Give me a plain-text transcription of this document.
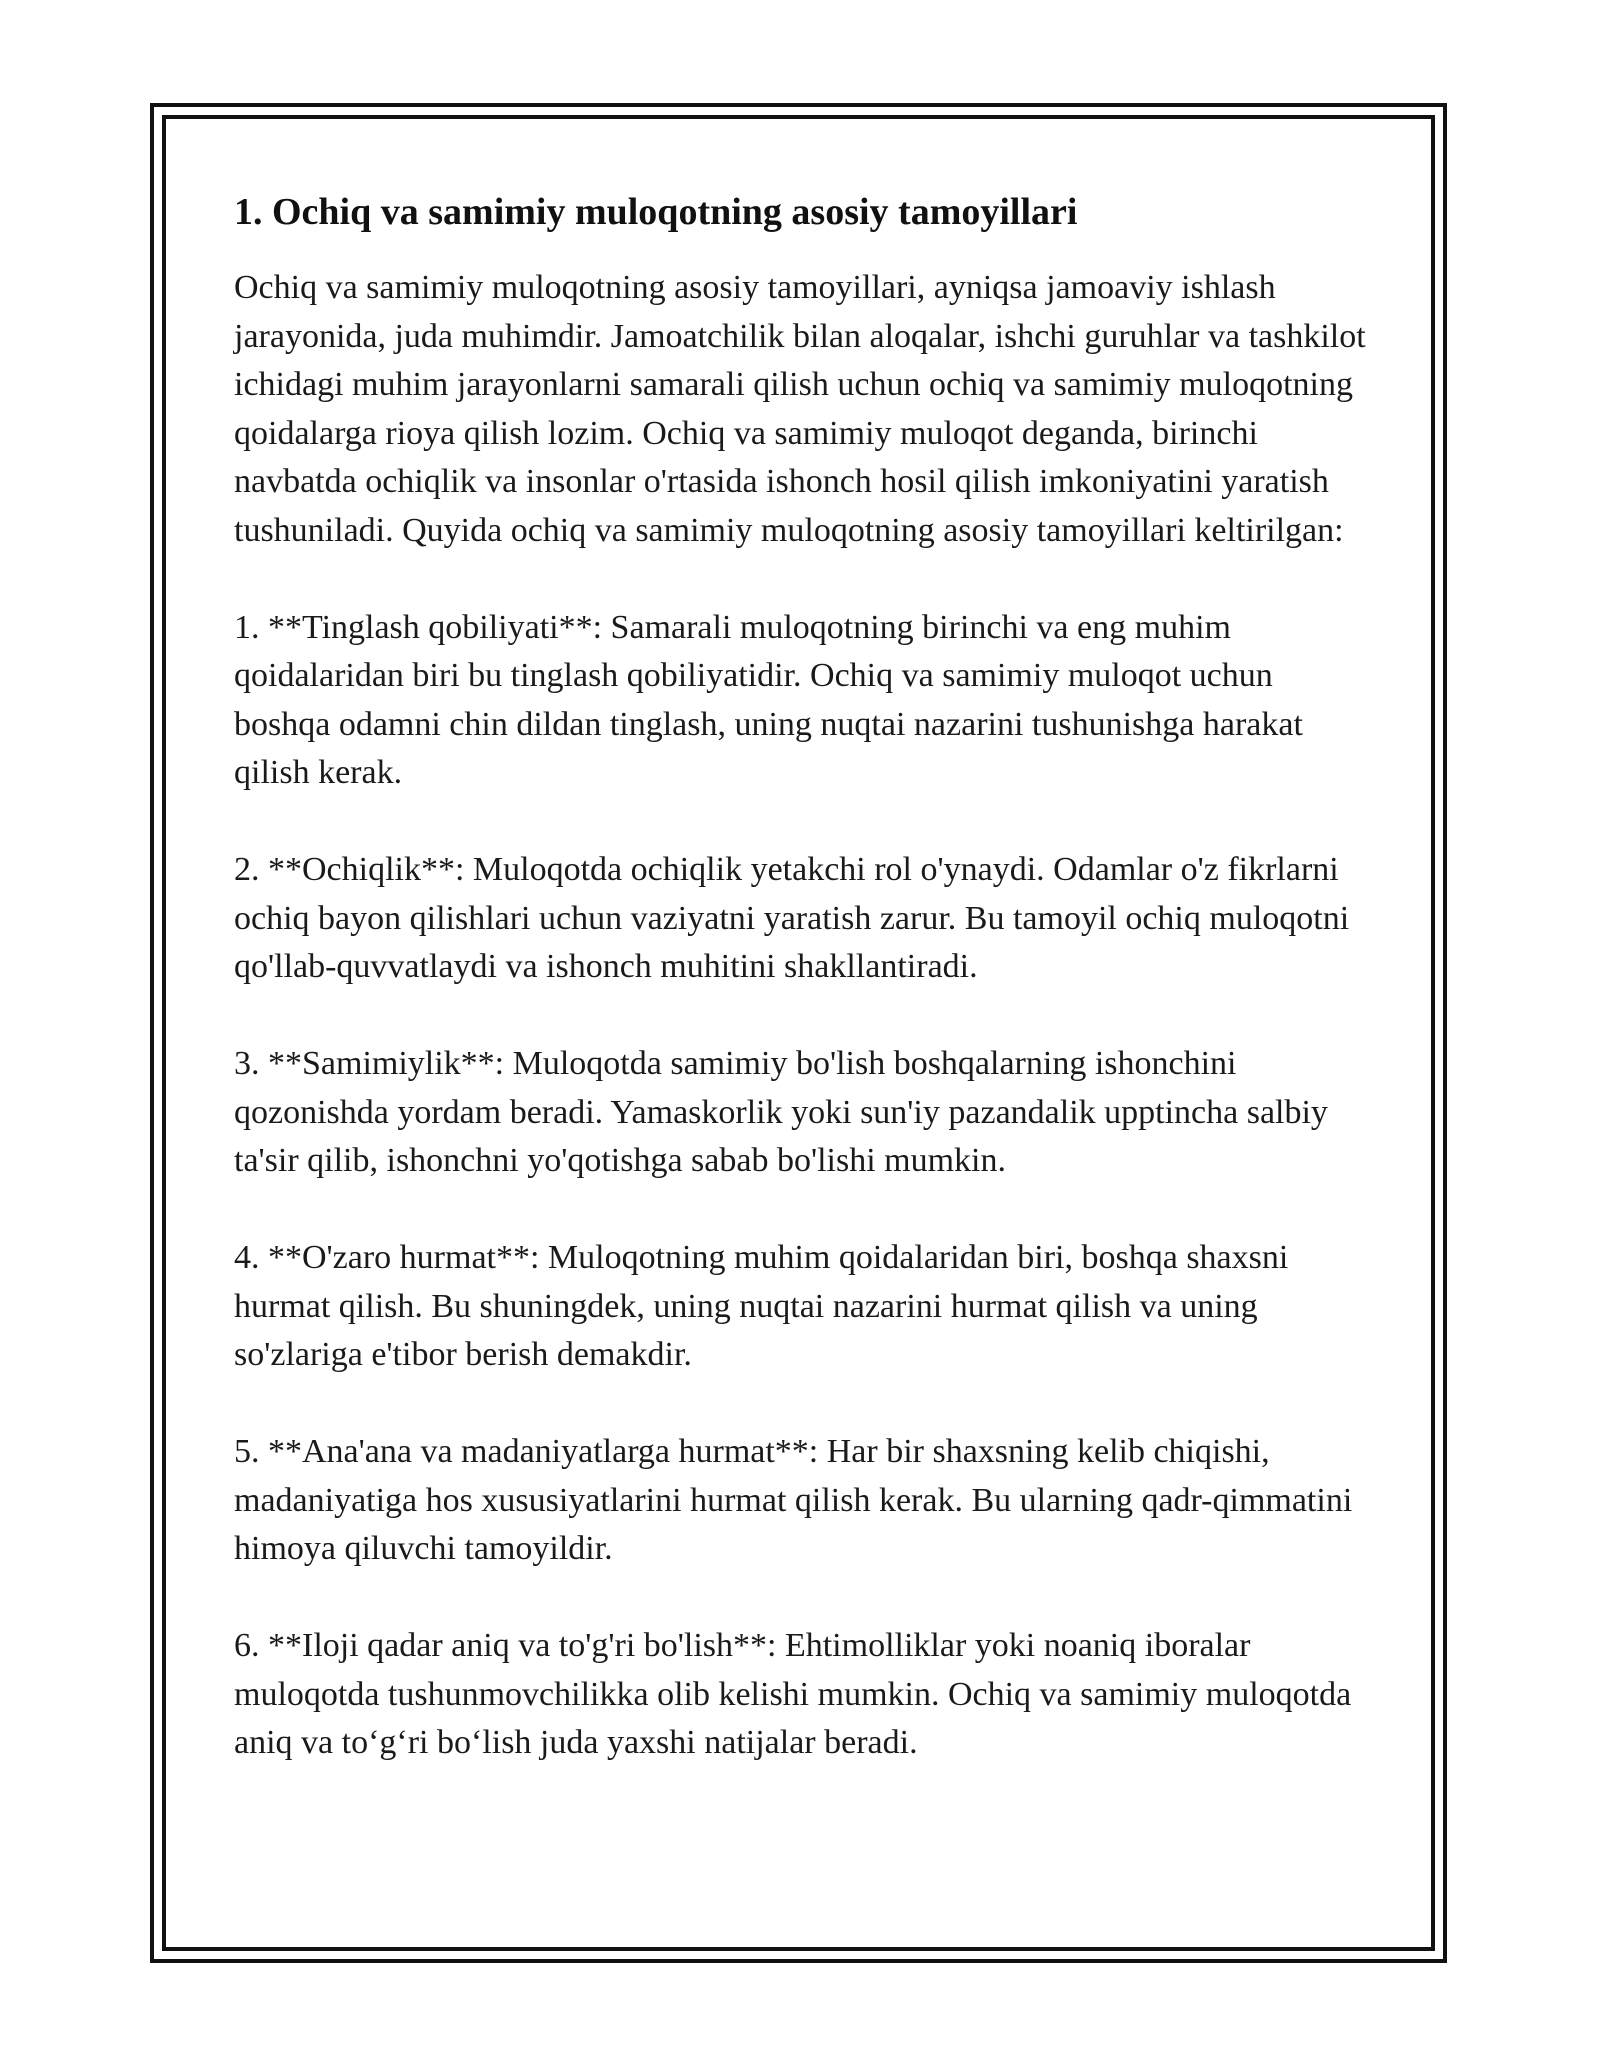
1. Ochiq va samimiy muloqotning asosiy tamoyillari

Ochiq va samimiy muloqotning asosiy tamoyillari, ayniqsa jamoaviy ishlash jarayonida, juda muhimdir. Jamoatchilik bilan aloqalar, ishchi guruhlar va tashkilot ichidagi muhim jarayonlarni samarali qilish uchun ochiq va samimiy muloqotning qoidalarga rioya qilish lozim. Ochiq va samimiy muloqot deganda, birinchi navbatda ochiqlik va insonlar o'rtasida ishonch hosil qilish imkoniyatini yaratish tushuniladi. Quyida ochiq va samimiy muloqotning asosiy tamoyillari keltirilgan:

1. **Tinglash qobiliyati**: Samarali muloqotning birinchi va eng muhim qoidalaridan biri bu tinglash qobiliyatidir. Ochiq va samimiy muloqot uchun boshqa odamni chin dildan tinglash, uning nuqtai nazarini tushunishga harakat qilish kerak.

2. **Ochiqlik**: Muloqotda ochiqlik yetakchi rol o'ynaydi. Odamlar o'z fikrlarni ochiq bayon qilishlari uchun vaziyatni yaratish zarur. Bu tamoyil ochiq muloqotni qo'llab-quvvatlaydi va ishonch muhitini shakllantiradi.

3. **Samimiylik**: Muloqotda samimiy bo'lish boshqalarning ishonchini qozonishda yordam beradi. Yamaskorlik yoki sun'iy pazandalik upptincha salbiy ta'sir qilib, ishonchni yo'qotishga sabab bo'lishi mumkin.

4. **O'zaro hurmat**: Muloqotning muhim qoidalaridan biri, boshqa shaxsni hurmat qilish. Bu shuningdek, uning nuqtai nazarini hurmat qilish va uning so'zlariga e'tibor berish demakdir.

5. **Ana'ana va madaniyatlarga hurmat**: Har bir shaxsning kelib chiqishi, madaniyatiga hos xususiyatlarini hurmat qilish kerak. Bu ularning qadr-qimmatini himoya qiluvchi tamoyildir.

6. **Iloji qadar aniq va to'g'ri bo'lish**: Ehtimolliklar yoki noaniq iboralar muloqotda tushunmovchilikka olib kelishi mumkin. Ochiq va samimiy muloqotda aniq va to‘g‘ri bo‘lish juda yaxshi natijalar beradi.
